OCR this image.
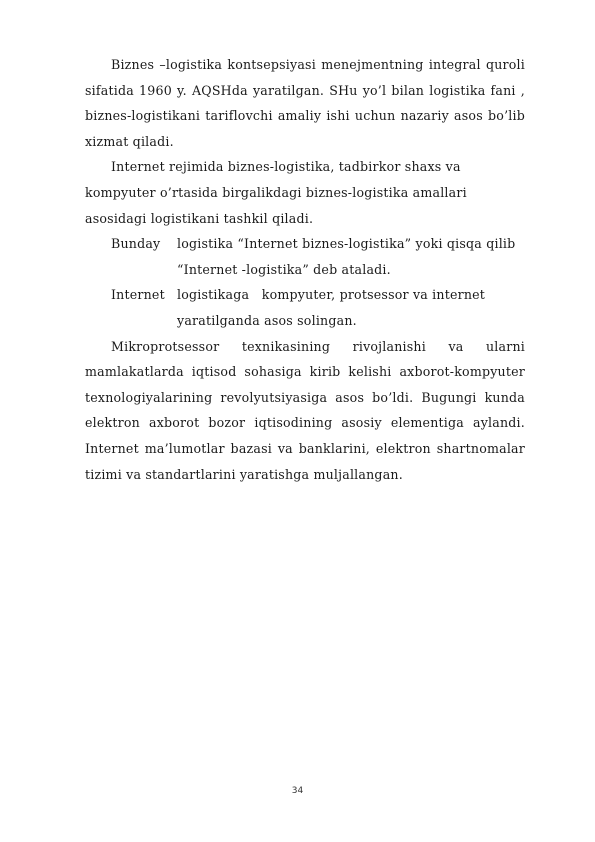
Biznes –logistika kontsepsiyasi menejmentning integral quroli sifatida 1960 y. AQSHda yaratilgan. SHu yo’l bilan logistika fani , biznes-logistikani tariflovchi amaliy ishi uchun nazariy asos bo’lib xizmat qiladi.

Internet rejimida biznes-logistika, tadbirkor shaxs va kompyuter o’rtasida birgalikdagi biznes-logistika amallari asosidagi logistikani tashkil qiladi.

Bunday	logistika “Internet biznes-logistika” yoki qisqa qilib
“Internet -logistika” deb ataladi.
Internet logistikaga   kompyuter, protsessor va internet
yaratilganda asos solingan.

Mikroprotsessor texnikasining rivojlanishi va ularni mamlakatlarda iqtisod sohasiga kirib kelishi axborot-kompyuter texnologiyalarining revolyutsiyasiga asos bo’ldi. Bugungi kunda elektron axborot bozor iqtisodining asosiy elementiga aylandi. Internet ma’lumotlar bazasi va banklarini, elektron shartnomalar tizimi va standartlarini yaratishga muljallangan.

34
